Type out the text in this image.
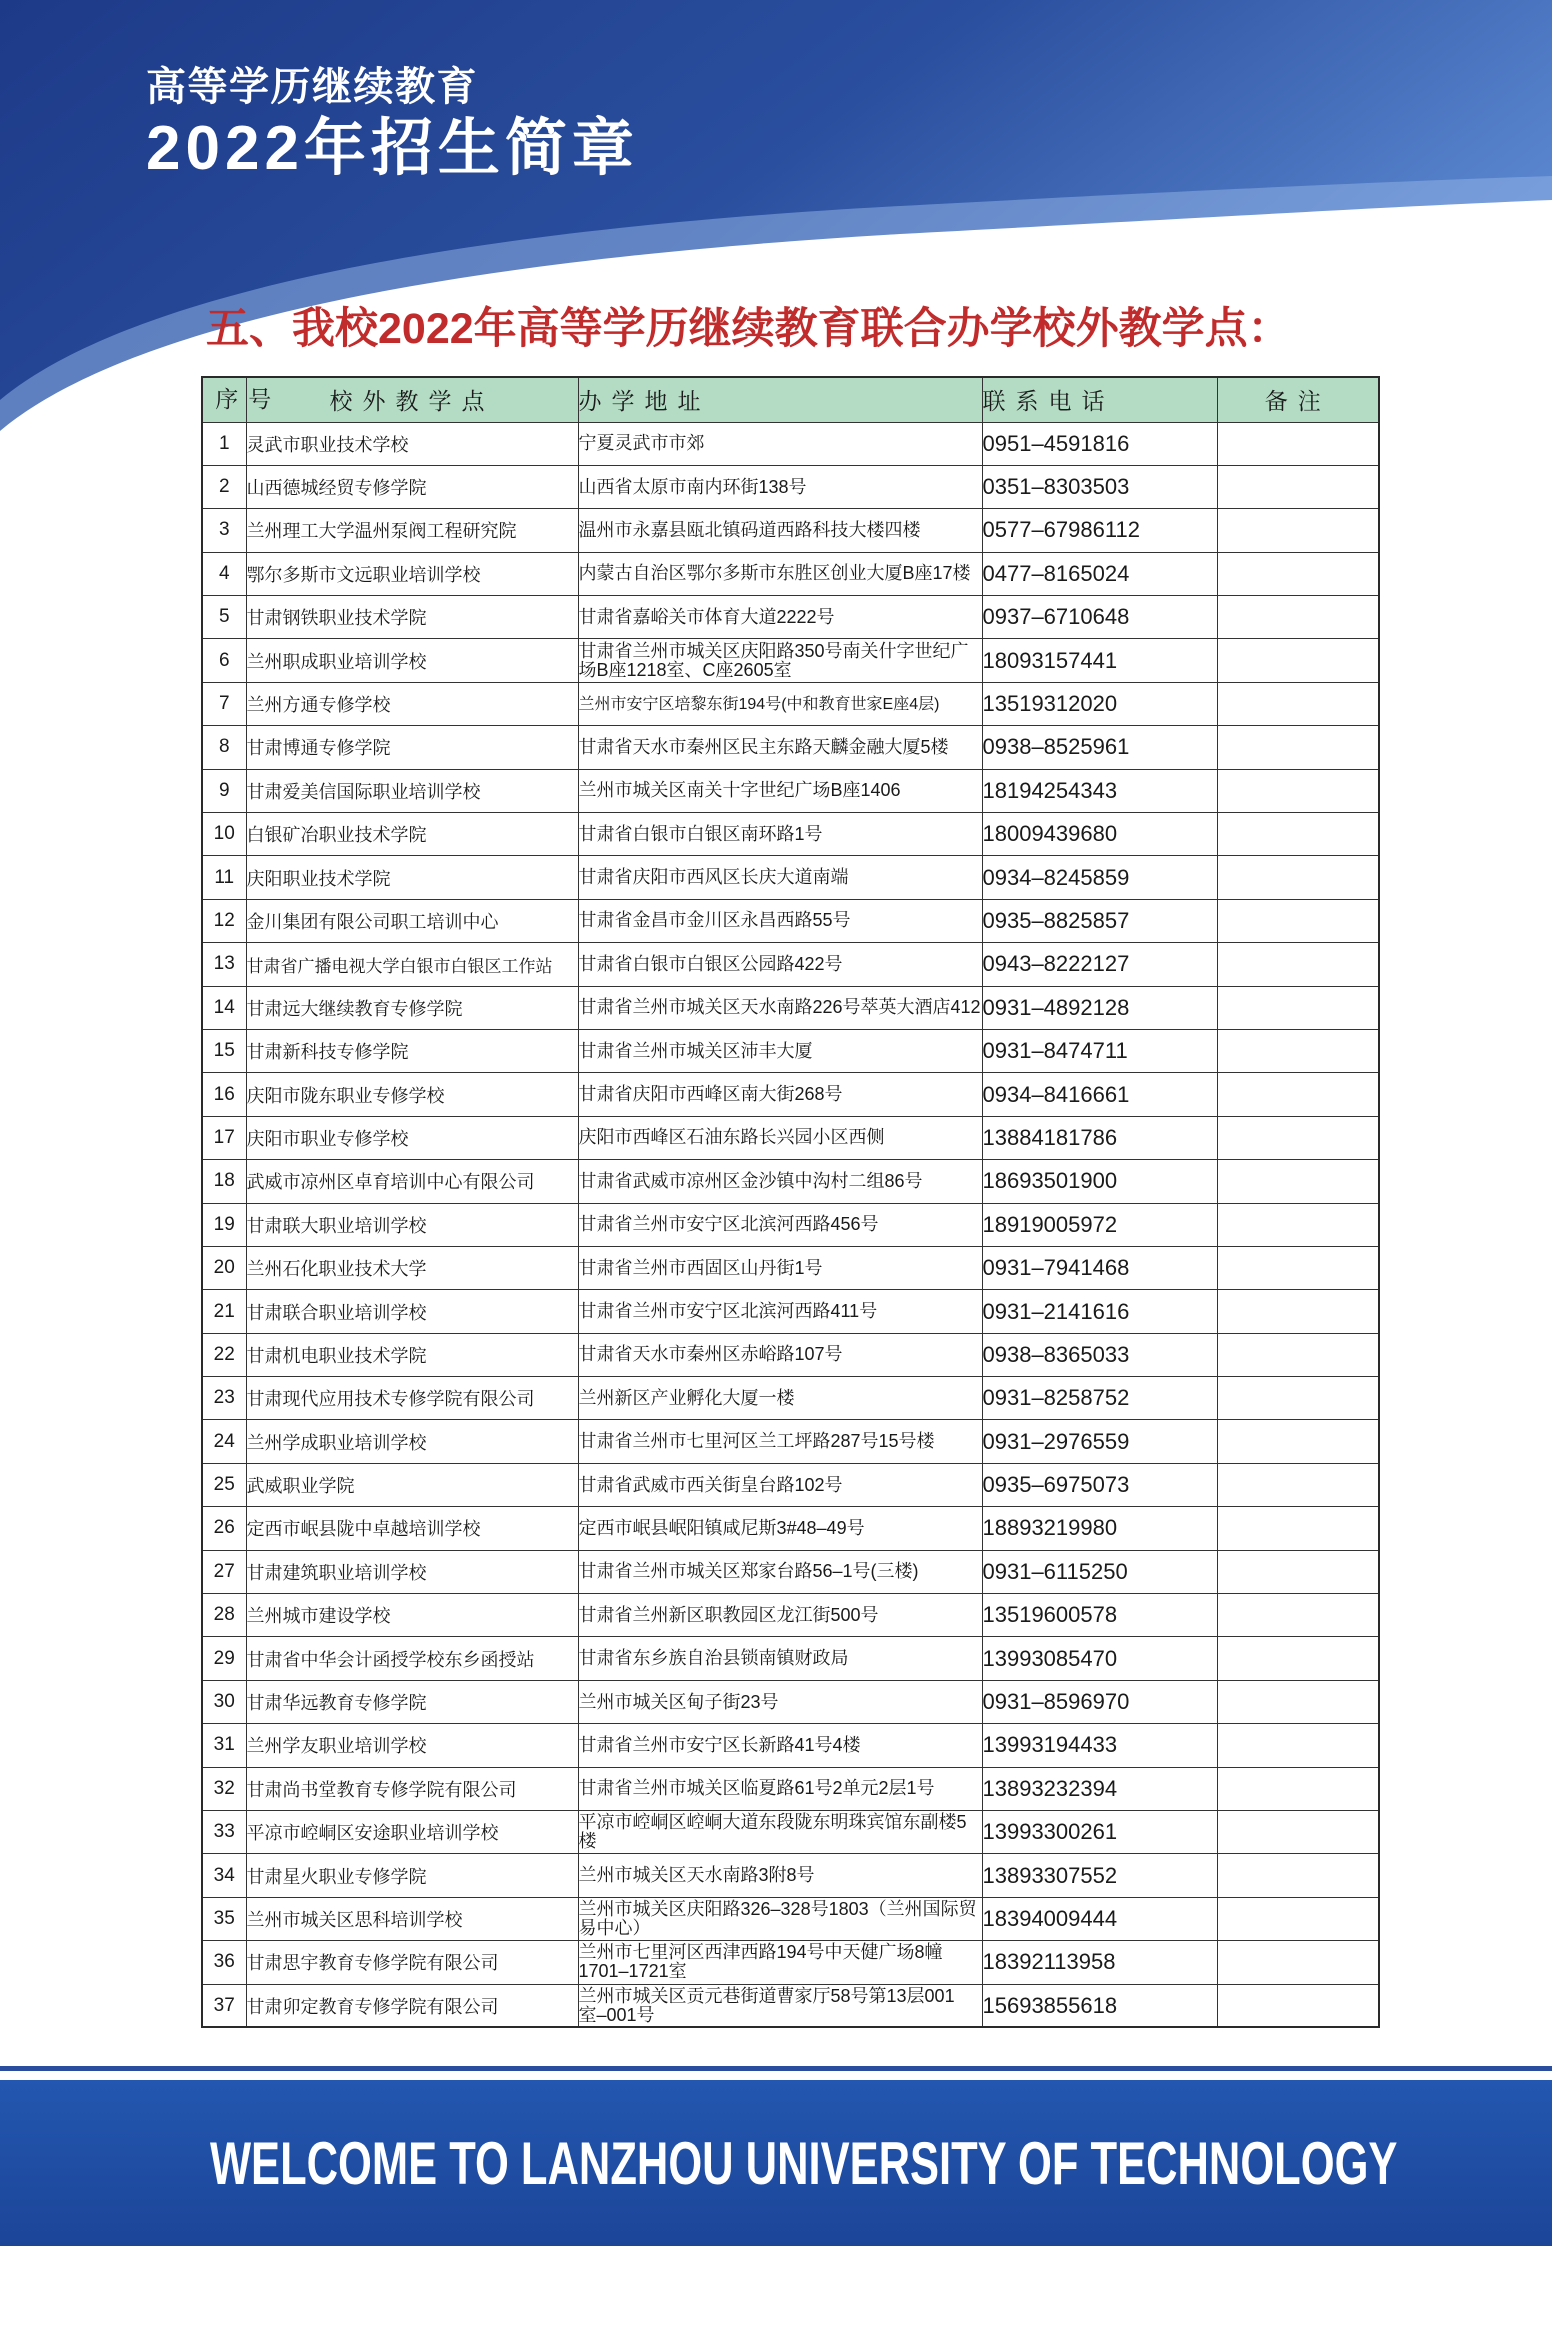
高等学历继续教育
2022年招生简章
五、我校2022年高等学历继续教育联合办学校外教学点：
序号	校外教学点	办学地址	联系电话	备注
1	灵武市职业技术学校	宁夏灵武市市郊	0951–4591816	
2	山西德城经贸专修学院	山西省太原市南内环街138号	0351–8303503	
3	兰州理工大学温州泵阀工程研究院	温州市永嘉县瓯北镇码道西路科技大楼四楼	0577–67986112	
4	鄂尔多斯市文远职业培训学校	内蒙古自治区鄂尔多斯市东胜区创业大厦B座17楼	0477–8165024	
5	甘肃钢铁职业技术学院	甘肃省嘉峪关市体育大道2222号	0937–6710648	
6	兰州职成职业培训学校	甘肃省兰州市城关区庆阳路350号南关什字世纪广场B座1218室、C座2605室	18093157441	
7	兰州方通专修学校	兰州市安宁区培黎东街194号(中和教育世家E座4层)	13519312020	
8	甘肃博通专修学院	甘肃省天水市秦州区民主东路天麟金融大厦5楼	0938–8525961	
9	甘肃爱美信国际职业培训学校	兰州市城关区南关十字世纪广场B座1406	18194254343	
10	白银矿冶职业技术学院	甘肃省白银市白银区南环路1号	18009439680	
11	庆阳职业技术学院	甘肃省庆阳市西风区长庆大道南端	0934–8245859	
12	金川集团有限公司职工培训中心	甘肃省金昌市金川区永昌西路55号	0935–8825857	
13	甘肃省广播电视大学白银市白银区工作站	甘肃省白银市白银区公园路422号	0943–8222127	
14	甘肃远大继续教育专修学院	甘肃省兰州市城关区天水南路226号萃英大酒店412	0931–4892128	
15	甘肃新科技专修学院	甘肃省兰州市城关区沛丰大厦	0931–8474711	
16	庆阳市陇东职业专修学校	甘肃省庆阳市西峰区南大街268号	0934–8416661	
17	庆阳市职业专修学校	庆阳市西峰区石油东路长兴园小区西侧	13884181786	
18	武威市凉州区卓育培训中心有限公司	甘肃省武威市凉州区金沙镇中沟村二组86号	18693501900	
19	甘肃联大职业培训学校	甘肃省兰州市安宁区北滨河西路456号	18919005972	
20	兰州石化职业技术大学	甘肃省兰州市西固区山丹街1号	0931–7941468	
21	甘肃联合职业培训学校	甘肃省兰州市安宁区北滨河西路411号	0931–2141616	
22	甘肃机电职业技术学院	甘肃省天水市秦州区赤峪路107号	0938–8365033	
23	甘肃现代应用技术专修学院有限公司	兰州新区产业孵化大厦一楼	0931–8258752	
24	兰州学成职业培训学校	甘肃省兰州市七里河区兰工坪路287号15号楼	0931–2976559	
25	武威职业学院	甘肃省武威市西关街皇台路102号	0935–6975073	
26	定西市岷县陇中卓越培训学校	定西市岷县岷阳镇咸尼斯3#48–49号	18893219980	
27	甘肃建筑职业培训学校	甘肃省兰州市城关区郑家台路56–1号(三楼)	0931–6115250	
28	兰州城市建设学校	甘肃省兰州新区职教园区龙江街500号	13519600578	
29	甘肃省中华会计函授学校东乡函授站	甘肃省东乡族自治县锁南镇财政局	13993085470	
30	甘肃华远教育专修学院	兰州市城关区甸子街23号	0931–8596970	
31	兰州学友职业培训学校	甘肃省兰州市安宁区长新路41号4楼	13993194433	
32	甘肃尚书堂教育专修学院有限公司	甘肃省兰州市城关区临夏路61号2单元2层1号	13893232394	
33	平凉市崆峒区安途职业培训学校	平凉市崆峒区崆峒大道东段陇东明珠宾馆东副楼5楼	13993300261	
34	甘肃星火职业专修学院	兰州市城关区天水南路3附8号	13893307552	
35	兰州市城关区思科培训学校	兰州市城关区庆阳路326–328号1803（兰州国际贸易中心）	18394009444	
36	甘肃思宇教育专修学院有限公司	兰州市七里河区西津西路194号中天健广场8幢1701–1721室	18392113958	
37	甘肃卯定教育专修学院有限公司	兰州市城关区贡元巷街道曹家厅58号第13层001室–001号	15693855618	
WELCOME TO LANZHOU UNIVERSITY OF TECHNOLOGY
